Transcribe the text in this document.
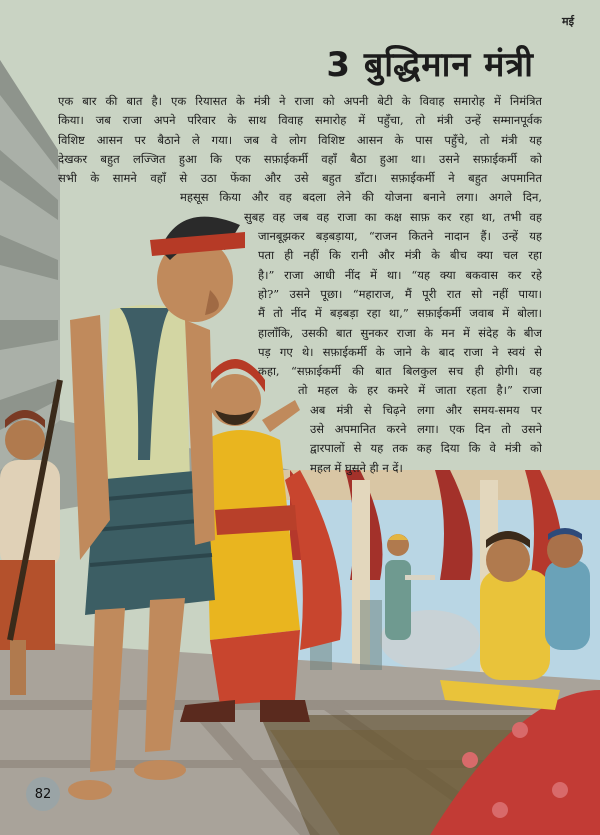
मई
3 बुद्धिमान मंत्री
एक बार की बात है। एक रियासत के मंत्री ने राजा को अपनी बेटी के विवाह समारोह में निमंत्रित
किया। जब राजा अपने परिवार के साथ विवाह समारोह में पहुँचा, तो मंत्री उन्हें सम्मानपूर्वक
विशिष्ट आसन पर बैठाने ले गया। जब वे लोग विशिष्ट आसन के पास पहुँचे, तो मंत्री यह
देखकर बहुत लज्जित हुआ कि एक सफ़ाईकर्मी वहाँ बैठा हुआ था। उसने सफ़ाईकर्मी को
सभी के सामने वहाँ से उठा फेंका और उसे बहुत डाँटा। सफ़ाईकर्मी ने बहुत अपमानित
महसूस किया और वह बदला लेने की योजना बनाने लगा। अगले दिन,
सुबह वह जब वह राजा का कक्ष साफ़ कर रहा था, तभी वह
जानबूझकर बड़बड़ाया, “राजन कितने नादान हैं। उन्हें यह
पता ही नहीं कि रानी और मंत्री के बीच क्या चल रहा
है।” राजा आधी नींद में था। “यह क्या बकवास कर रहे
हो?” उसने पूछा। “महाराज, मैं पूरी रात सो नहीं पाया।
मैं तो नींद में बड़बड़ा रहा था,” सफ़ाईकर्मी जवाब में बोला।
हालाँकि, उसकी बात सुनकर राजा के मन में संदेह के बीज
पड़ गए थे। सफ़ाईकर्मी के जाने के बाद राजा ने स्वयं से
कहा, “सफ़ाईकर्मी की बात बिलकुल सच ही होगी। वह
तो महल के हर कमरे में जाता रहता है।” राजा
अब मंत्री से चिढ़ने लगा और समय-समय पर
उसे अपमानित करने लगा। एक दिन तो उसने
द्वारपालों से यह तक कह दिया कि वे मंत्री को
महल में घुसने ही न दें।
82
